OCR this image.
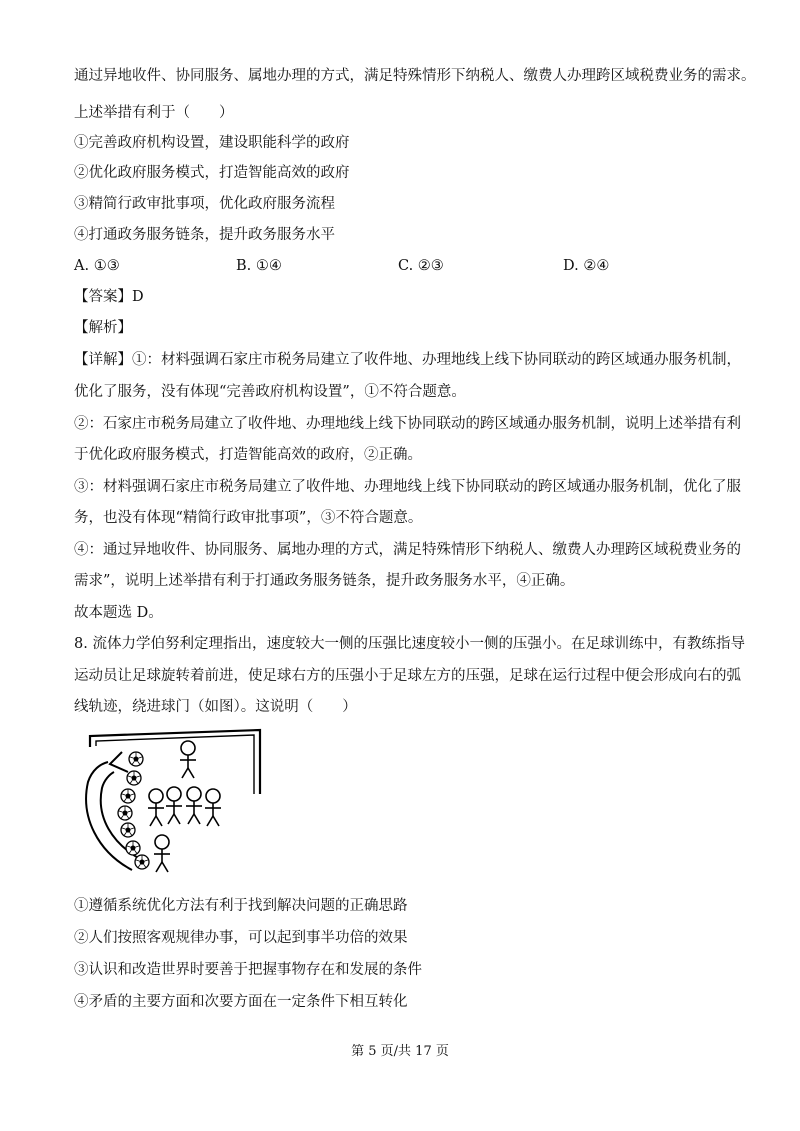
通过异地收件、协同服务、属地办理的方式，满足特殊情形下纳税人、缴费人办理跨区域税费业务的需求。
上述举措有利于（　　）
①完善政府机构设置，建设职能科学的政府
②优化政府服务模式，打造智能高效的政府
③精简行政审批事项，优化政府服务流程
④打通政务服务链条，提升政务服务水平
A. ①③	B. ①④	C. ②③	D. ②④
【答案】D
【解析】
【详解】①：材料强调石家庄市税务局建立了收件地、办理地线上线下协同联动的跨区域通办服务机制，
优化了服务，没有体现“完善政府机构设置”，①不符合题意。
②：石家庄市税务局建立了收件地、办理地线上线下协同联动的跨区域通办服务机制，说明上述举措有利
于优化政府服务模式，打造智能高效的政府，②正确。
③：材料强调石家庄市税务局建立了收件地、办理地线上线下协同联动的跨区域通办服务机制，优化了服
务，也没有体现“精简行政审批事项”，③不符合题意。
④：通过异地收件、协同服务、属地办理的方式，满足特殊情形下纳税人、缴费人办理跨区域税费业务的
需求”，说明上述举措有利于打通政务服务链条，提升政务服务水平，④正确。
故本题选 D。
8. 流体力学伯努利定理指出，速度较大一侧的压强比速度较小一侧的压强小。在足球训练中，有教练指导
运动员让足球旋转着前进，使足球右方的压强小于足球左方的压强，足球在运行过程中便会形成向右的弧
线轨迹，绕进球门（如图）。这说明（　　）
①遵循系统优化方法有利于找到解决问题的正确思路
②人们按照客观规律办事，可以起到事半功倍的效果
③认识和改造世界时要善于把握事物存在和发展的条件
④矛盾的主要方面和次要方面在一定条件下相互转化
第 5 页/共 17 页
